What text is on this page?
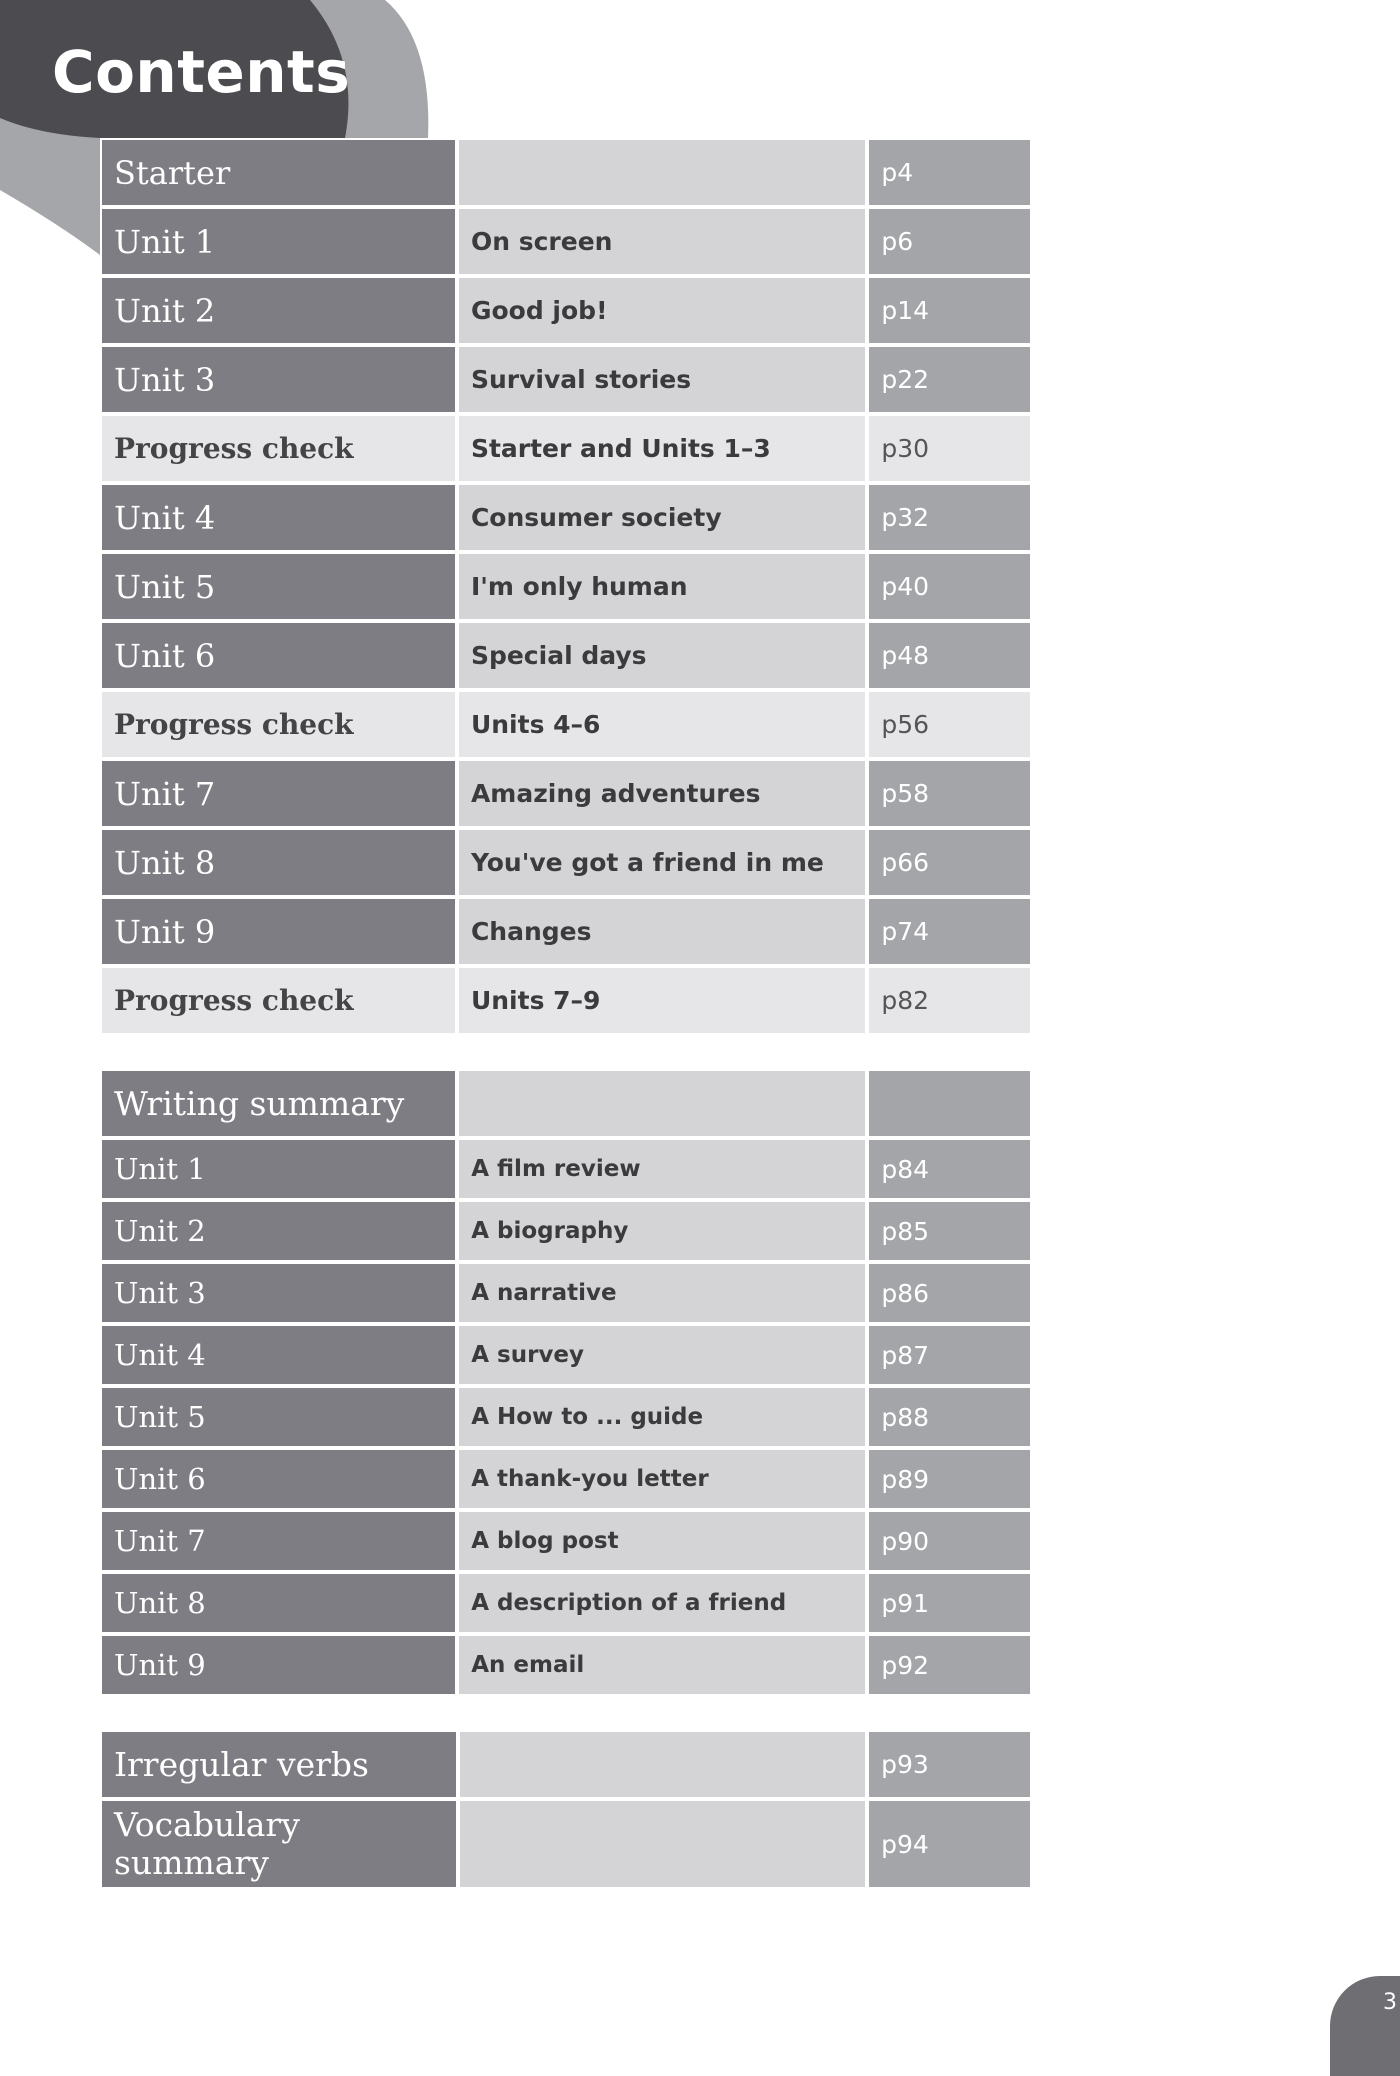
Contents
Starter		p4
Unit 1	On screen	p6
Unit 2	Good job!	p14
Unit 3	Survival stories	p22
Progress check	Starter and Units 1–3	p30
Unit 4	Consumer society	p32
Unit 5	I'm only human	p40
Unit 6	Special days	p48
Progress check	Units 4–6	p56
Unit 7	Amazing adventures	p58
Unit 8	You've got a friend in me	p66
Unit 9	Changes	p74
Progress check	Units 7–9	p82
Writing summary		
Unit 1	A film review	p84
Unit 2	A biography	p85
Unit 3	A narrative	p86
Unit 4	A survey	p87
Unit 5	A How to ... guide	p88
Unit 6	A thank-you letter	p89
Unit 7	A blog post	p90
Unit 8	A description of a friend	p91
Unit 9	An email	p92
Irregular verbs		p93
Vocabulary summary		p94
3
